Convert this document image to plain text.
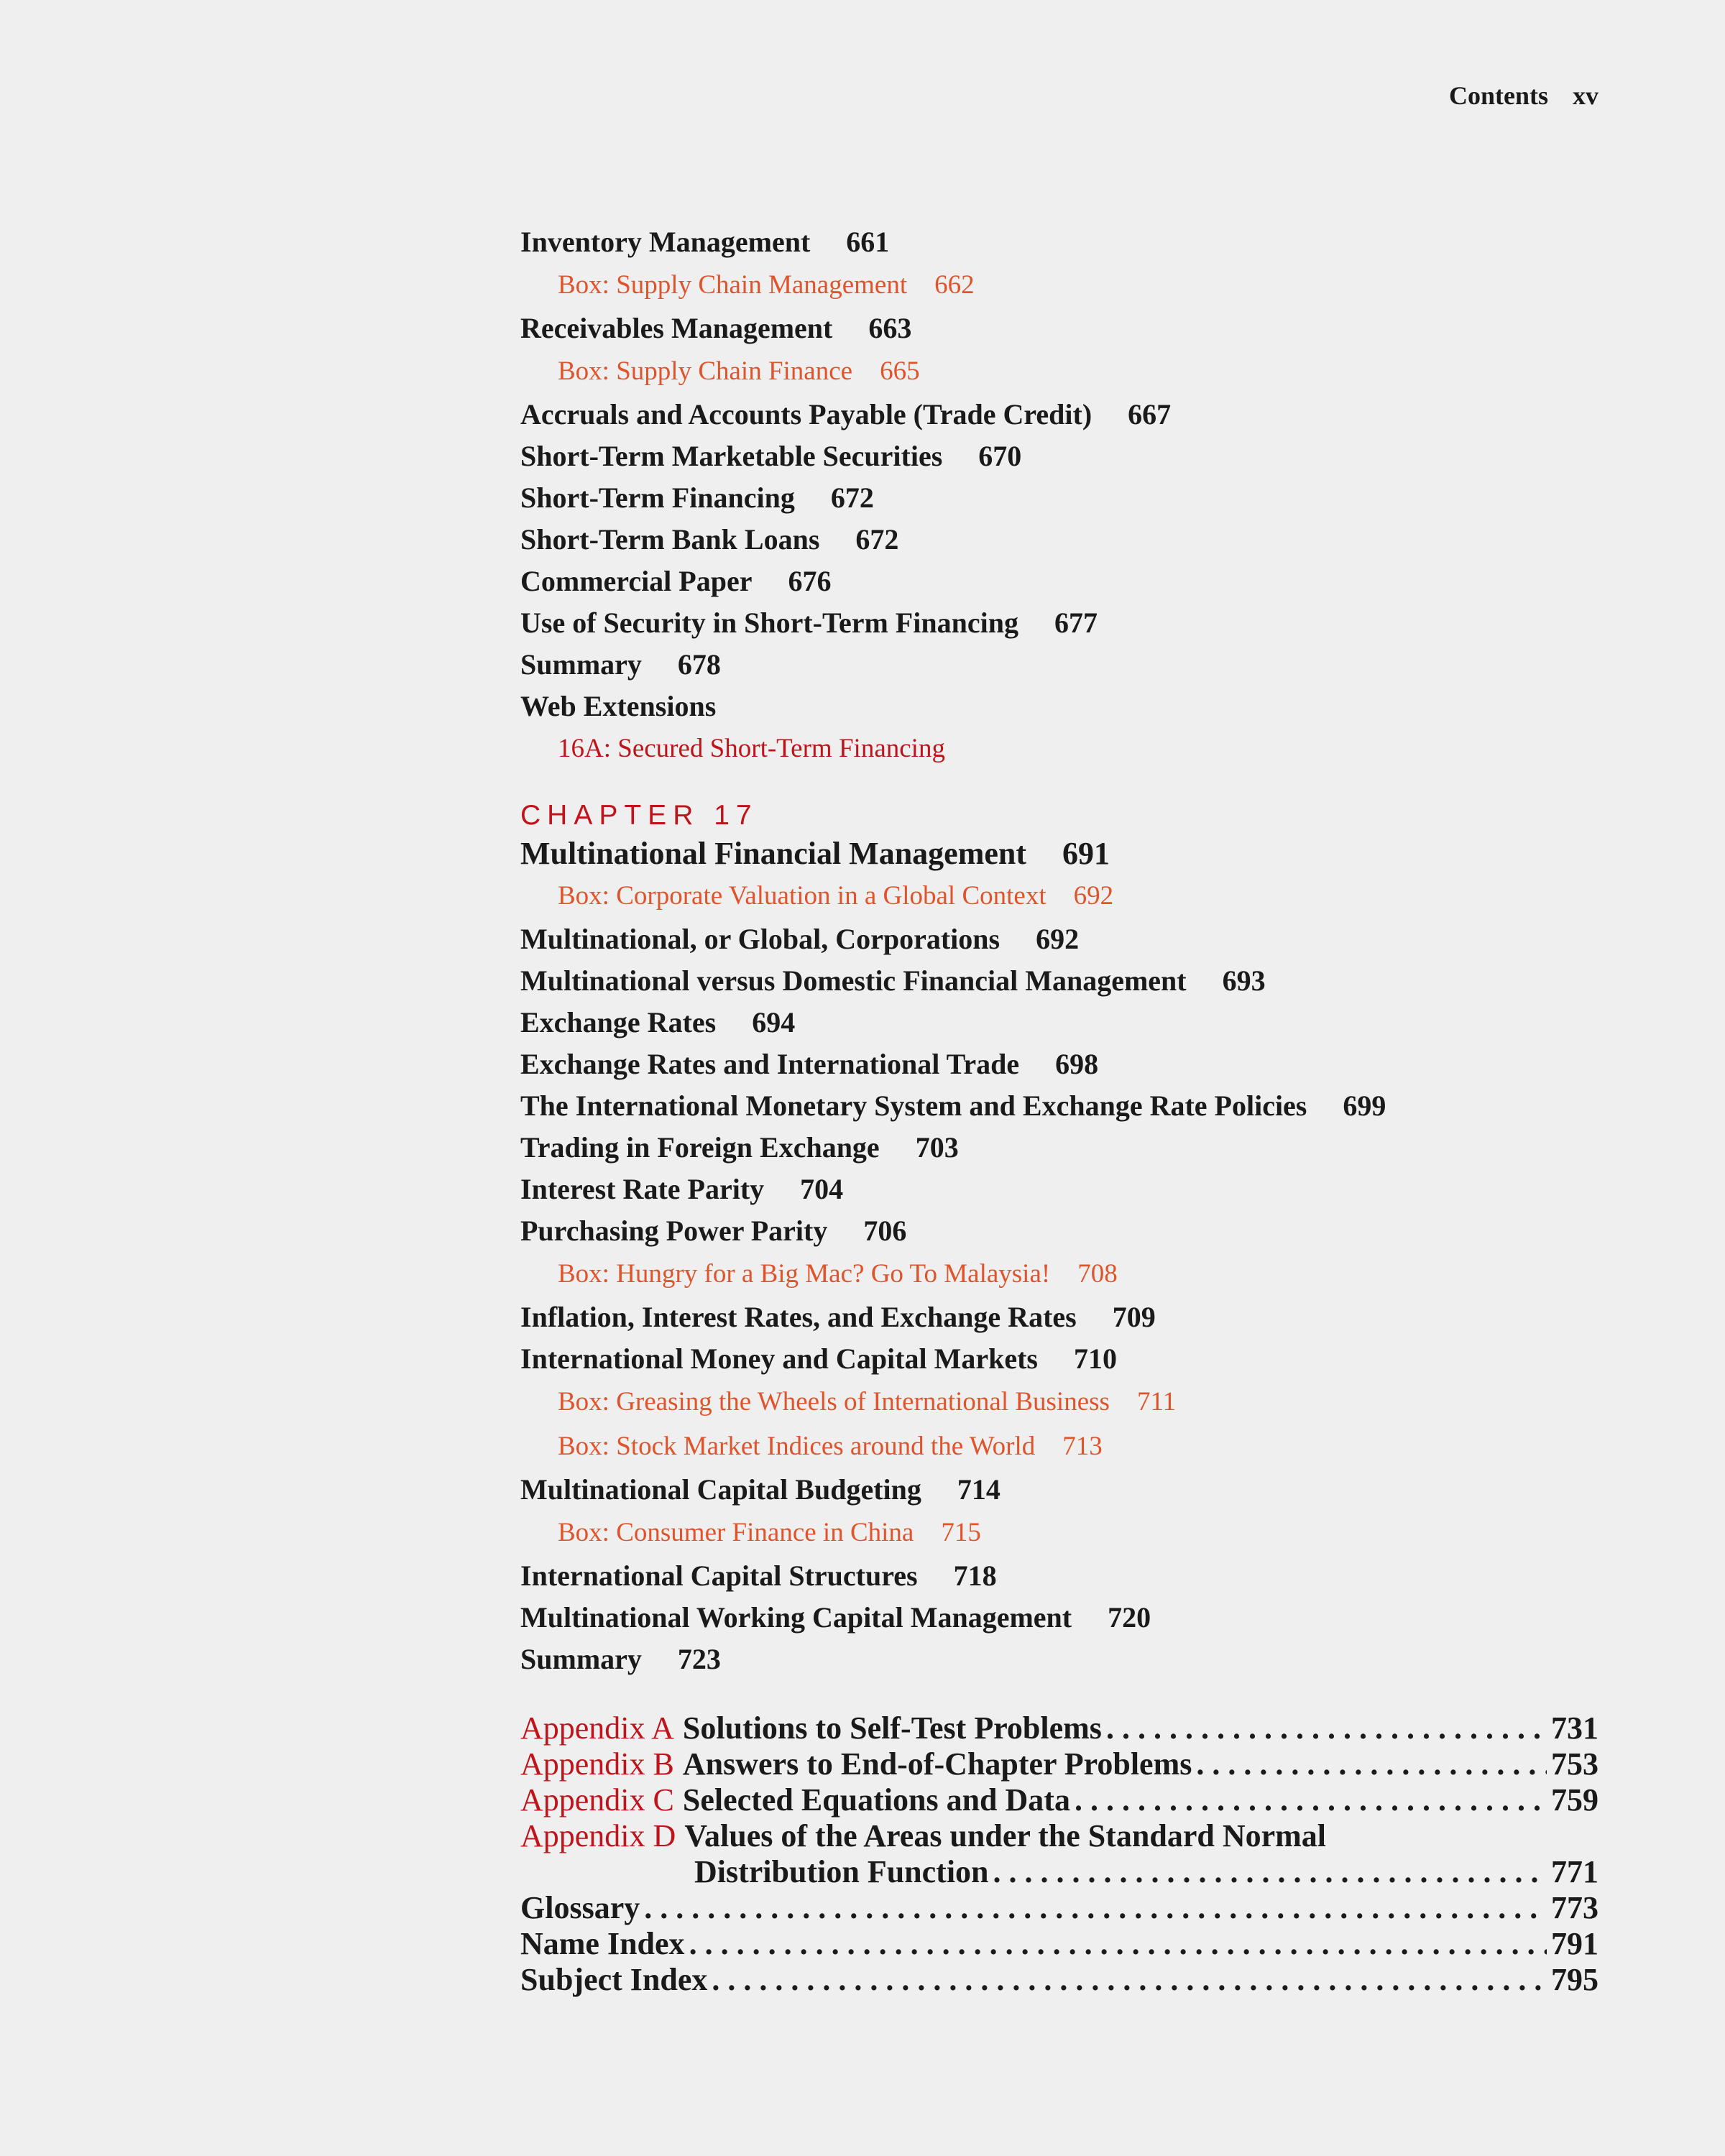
Contents xv
Inventory Management 661
Box: Supply Chain Management 662
Receivables Management 663
Box: Supply Chain Finance 665
Accruals and Accounts Payable (Trade Credit) 667
Short-Term Marketable Securities 670
Short-Term Financing 672
Short-Term Bank Loans 672
Commercial Paper 676
Use of Security in Short-Term Financing 677
Summary 678
Web Extensions
16A: Secured Short-Term Financing
CHAPTER 17
Multinational Financial Management 691
Box: Corporate Valuation in a Global Context 692
Multinational, or Global, Corporations 692
Multinational versus Domestic Financial Management 693
Exchange Rates 694
Exchange Rates and International Trade 698
The International Monetary System and Exchange Rate Policies 699
Trading in Foreign Exchange 703
Interest Rate Parity 704
Purchasing Power Parity 706
Box: Hungry for a Big Mac? Go To Malaysia! 708
Inflation, Interest Rates, and Exchange Rates 709
International Money and Capital Markets 710
Box: Greasing the Wheels of International Business 711
Box: Stock Market Indices around the World 713
Multinational Capital Budgeting 714
Box: Consumer Finance in China 715
International Capital Structures 718
Multinational Working Capital Management 720
Summary 723
Appendix A Solutions to Self-Test Problems . . .	731
Appendix B Answers to End-of-Chapter Problems . . .	753
Appendix C Selected Equations and Data . . .	759
Appendix D Values of the Areas under the Standard Normal
Distribution Function . . .	771
Glossary . . .	773
Name Index . . .	791
Subject Index . . .	795
